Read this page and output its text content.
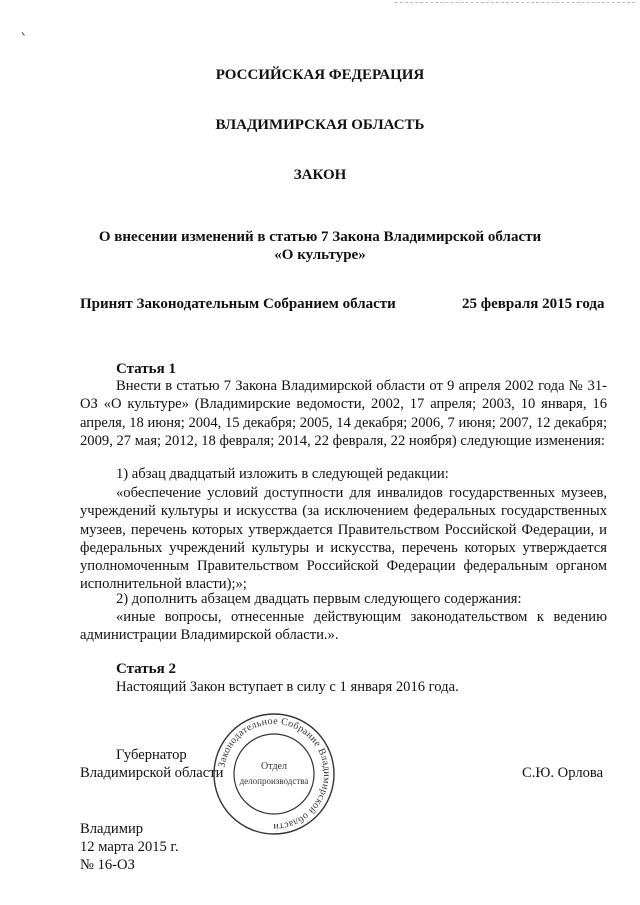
РОССИЙСКАЯ ФЕДЕРАЦИЯ
ВЛАДИМИРСКАЯ ОБЛАСТЬ
ЗАКОН
О внесении изменений в статью 7 Закона Владимирской области
«О культуре»
Принят Законодательным Собранием области	25 февраля 2015 года
Статья 1
Внести в статью 7 Закона Владимирской области от 9 апреля 2002 года № 31-ОЗ «О культуре» (Владимирские ведомости, 2002, 17 апреля; 2003, 10 января, 16 апреля, 18 июня; 2004, 15 декабря; 2005, 14 декабря; 2006, 7 июня; 2007, 12 декабря; 2009, 27 мая; 2012, 18 февраля; 2014, 22 февраля, 22 ноября) следующие изменения:
1) абзац двадцатый изложить в следующей редакции:
«обеспечение условий доступности для инвалидов государственных музеев, учреждений культуры и искусства (за исключением федеральных государственных музеев, перечень которых утверждается Правительством Российской Федерации, и федеральных учреждений культуры и искусства, перечень которых утверждается уполномоченным Правительством Российской Федерации федеральным органом исполнительной власти);»;
2) дополнить абзацем двадцать первым следующего содержания:
«иные вопросы, отнесенные действующим законодательством к ведению администрации Владимирской области.».
Статья 2
Настоящий Закон вступает в силу с 1 января 2016 года.
Губернатор
Владимирской области	С.Ю. Орлова
Законодательное Собрание Владимирской области
Отдел
делопроизводства
Владимир
12 марта 2015 г.
№ 16-ОЗ
